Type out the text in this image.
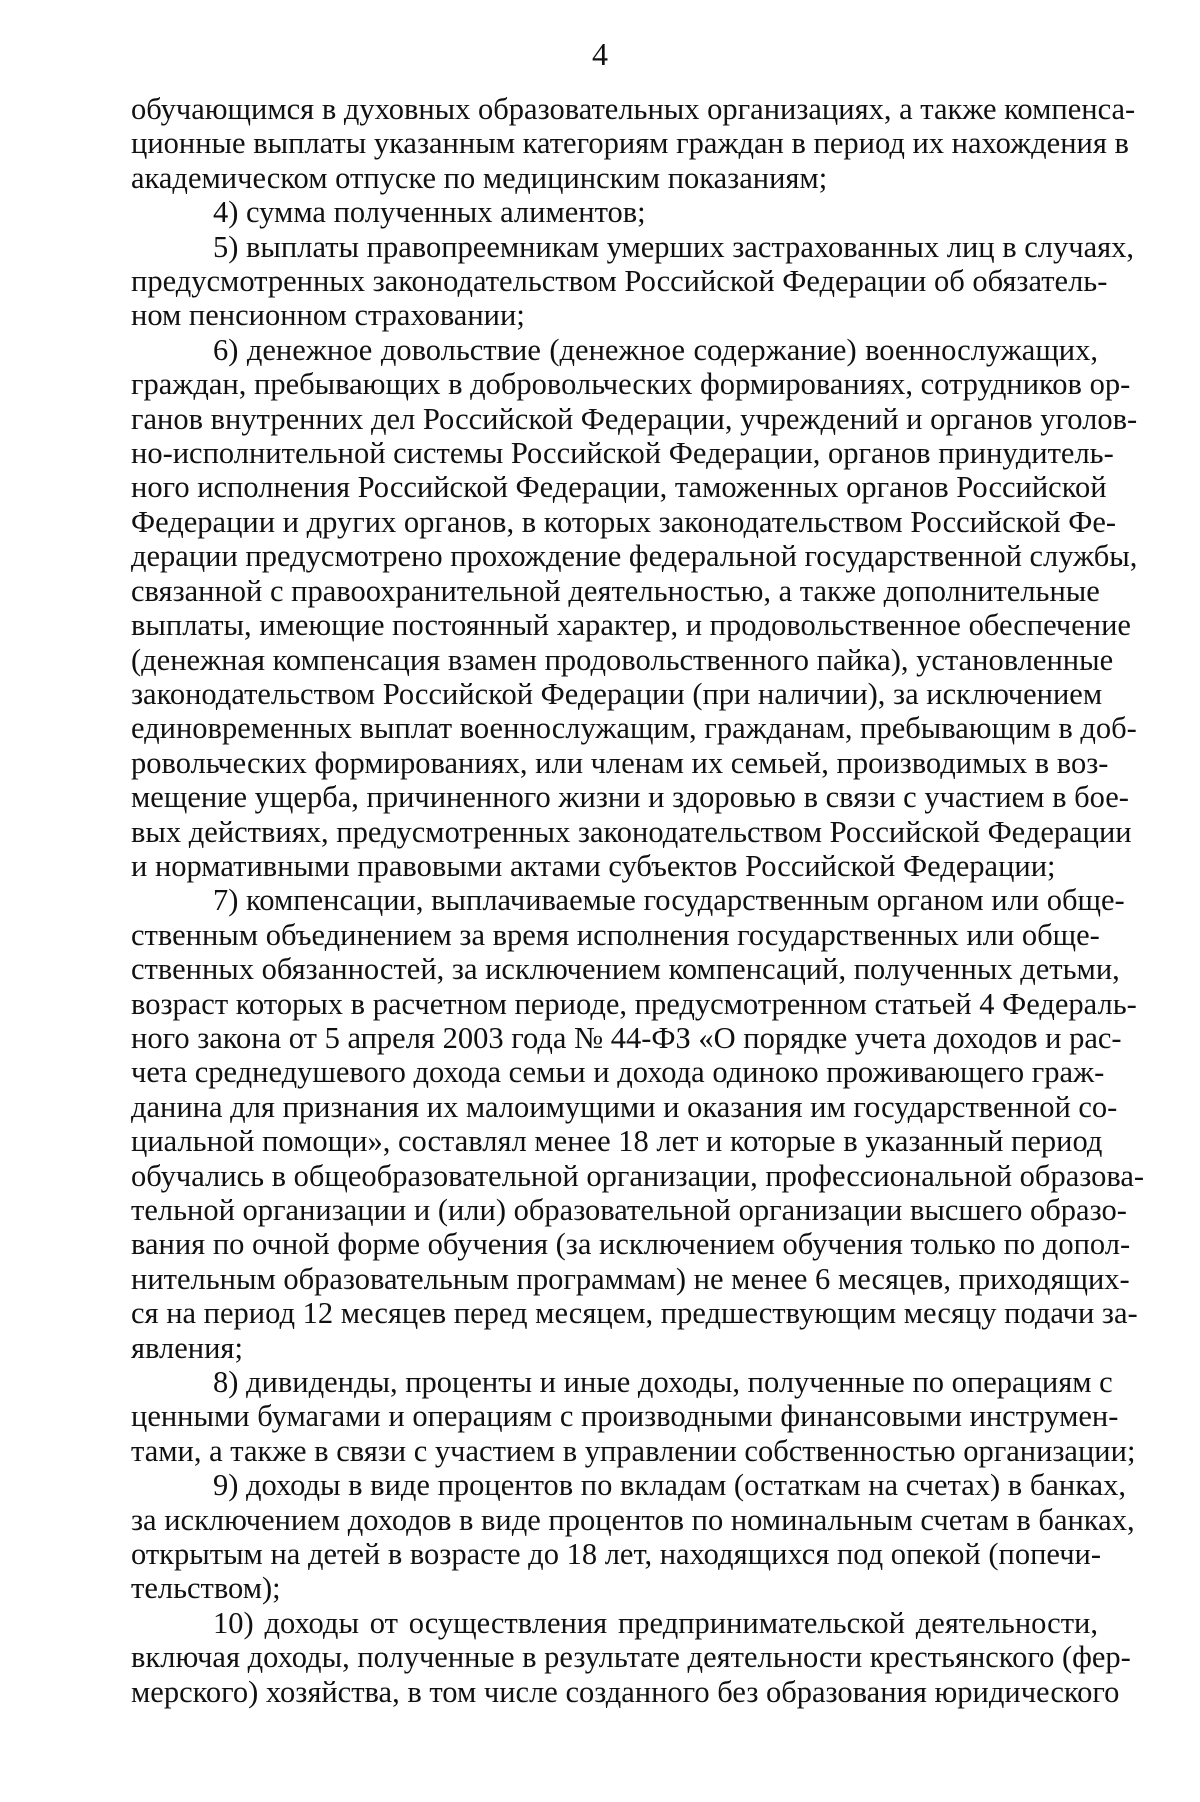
4
обучающимся в духовных образовательных организациях, а также компенса-
ционные выплаты указанным категориям граждан в период их нахождения в
академическом отпуске по медицинским показаниям;
4) сумма полученных алиментов;
5) выплаты правопреемникам умерших застрахованных лиц в случаях,
предусмотренных законодательством Российской Федерации об обязатель-
ном пенсионном страховании;
6) денежное довольствие (денежное содержание) военнослужащих,
граждан, пребывающих в добровольческих формированиях, сотрудников ор-
ганов внутренних дел Российской Федерации, учреждений и органов уголов-
но-исполнительной системы Российской Федерации, органов принудитель-
ного исполнения Российской Федерации, таможенных органов Российской
Федерации и других органов, в которых законодательством Российской Фе-
дерации предусмотрено прохождение федеральной государственной службы,
связанной с правоохранительной деятельностью, а также дополнительные
выплаты, имеющие постоянный характер, и продовольственное обеспечение
(денежная компенсация взамен продовольственного пайка), установленные
законодательством Российской Федерации (при наличии), за исключением
единовременных выплат военнослужащим, гражданам, пребывающим в доб-
ровольческих формированиях, или членам их семьей, производимых в воз-
мещение ущерба, причиненного жизни и здоровью в связи с участием в бое-
вых действиях, предусмотренных законодательством Российской Федерации
и нормативными правовыми актами субъектов Российской Федерации;
7) компенсации, выплачиваемые государственным органом или обще-
ственным объединением за время исполнения государственных или обще-
ственных обязанностей, за исключением компенсаций, полученных детьми,
возраст которых в расчетном периоде, предусмотренном статьей 4 Федераль-
ного закона от 5 апреля 2003 года № 44-ФЗ «О порядке учета доходов и рас-
чета среднедушевого дохода семьи и дохода одиноко проживающего граж-
данина для признания их малоимущими и оказания им государственной со-
циальной помощи», составлял менее 18 лет и которые в указанный период
обучались в общеобразовательной организации, профессиональной образова-
тельной организации и (или) образовательной организации высшего образо-
вания по очной форме обучения (за исключением обучения только по допол-
нительным образовательным программам) не менее 6 месяцев, приходящих-
ся на период 12 месяцев перед месяцем, предшествующим месяцу подачи за-
явления;
8) дивиденды, проценты и иные доходы, полученные по операциям с
ценными бумагами и операциям с производными финансовыми инструмен-
тами, а также в связи с участием в управлении собственностью организации;
9) доходы в виде процентов по вкладам (остаткам на счетах) в банках,
за исключением доходов в виде процентов по номинальным счетам в банках,
открытым на детей в возрасте до 18 лет, находящихся под опекой (попечи-
тельством);
10) доходы от осуществления предпринимательской деятельности,
включая доходы, полученные в результате деятельности крестьянского (фер-
мерского) хозяйства, в том числе созданного без образования юридического
